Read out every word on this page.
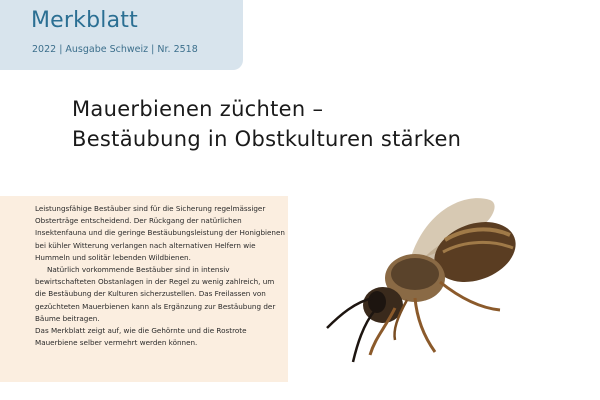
Merkblatt
2022 | Ausgabe Schweiz | Nr. 2518
Mauerbienen züchten –
Bestäubung in Obstkulturen stärken

Leistungsfähige Bestäuber sind für die Sicherung regelmässiger Obsterträge entscheidend. Der Rückgang der natürlichen Insektenfauna und die geringe Bestäubungsleistung der Honigbienen bei kühler Witterung verlangen nach alternativen Helfern wie Hummeln und solitär lebenden Wildbienen.

Natürlich vorkommende Bestäuber sind in intensiv bewirtschafteten Obstanlagen in der Regel zu wenig zahlreich, um die Bestäubung der Kulturen sicherzustellen. Das Freilassen von gezüchteten Mauerbienen kann als Ergänzung zur Bestäubung der Bäume beitragen.

Das Merkblatt zeigt auf, wie die Gehörnte und die Rostrote Mauerbiene selber vermehrt werden können.
